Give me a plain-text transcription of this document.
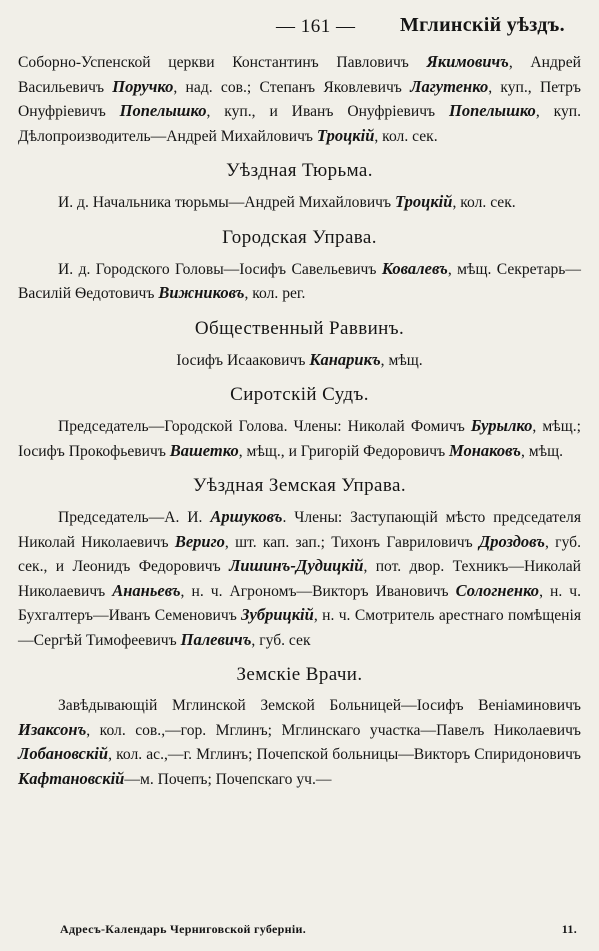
— 161 — Мглинскій уѣздъ.

Соборно-Успенской церкви Константинъ Павловичъ Якимовичъ, Андрей Васильевичъ Поручко, над. сов.; Степанъ Яковлевичъ Лагутенко, куп., Петръ Онуфріевичъ Попелышко, куп., и Иванъ Онуфріевичъ Попелышко, куп. Дѣлопроизводитель—Андрей Михайловичъ Троцкій, кол. сек.

Уѣздная Тюрьма.

И. д. Начальника тюрьмы—Андрей Михайловичъ Троцкій, кол. сек.

Городская Управа.

И. д. Городского Головы—Іосифъ Савельевичъ Ковалевъ, мѣщ. Секретарь—Василій Ѳедотовичъ Вижниковъ, кол. рег.

Общественный Раввинъ.

Іосифъ Исааковичъ Канарикъ, мѣщ.

Сиротскій Судъ.

Председатель—Городской Голова. Члены: Николай Фомичъ Бурылко, мѣщ.; Іосифъ Прокофьевичъ Вашетко, мѣщ., и Григорій Федоровичъ Монаковъ, мѣщ.

Уѣздная Земская Управа.

Председатель—А. И. Аршуковъ. Члены: Заступающій мѣсто председателя Николай Николаевичъ Вериго, шт. кап. зап.; Тихонъ Гавриловичъ Дроздовъ, губ. сек., и Леонидъ Федоровичъ Лишинъ-Дудицкій, пот. двор. Техникъ—Николай Николаевичъ Ананьевъ, н. ч. Агрономъ—Викторъ Ивановичъ Сологненко, н. ч. Бухгалтеръ—Иванъ Семеновичъ Зубрицкій, н. ч. Смотритель арестнаго помѣщенія—Сергѣй Тимофеевичъ Палевичъ, губ. сек

Земскіе Врачи.

Завѣдывающій Мглинской Земской Больницей—Іосифъ Веніаминовичъ Изаксонъ, кол. сов.,—гор. Мглинъ; Мглинскаго участка—Павелъ Николаевичъ Лобановскій, кол. ас.,—г. Мглинъ; Почепской больницы—Викторъ Спиридоновичъ Кафтановскій—м. Почепъ; Почепскаго уч.—

Адресъ-Календарь Черниговской губерніи.	11.
